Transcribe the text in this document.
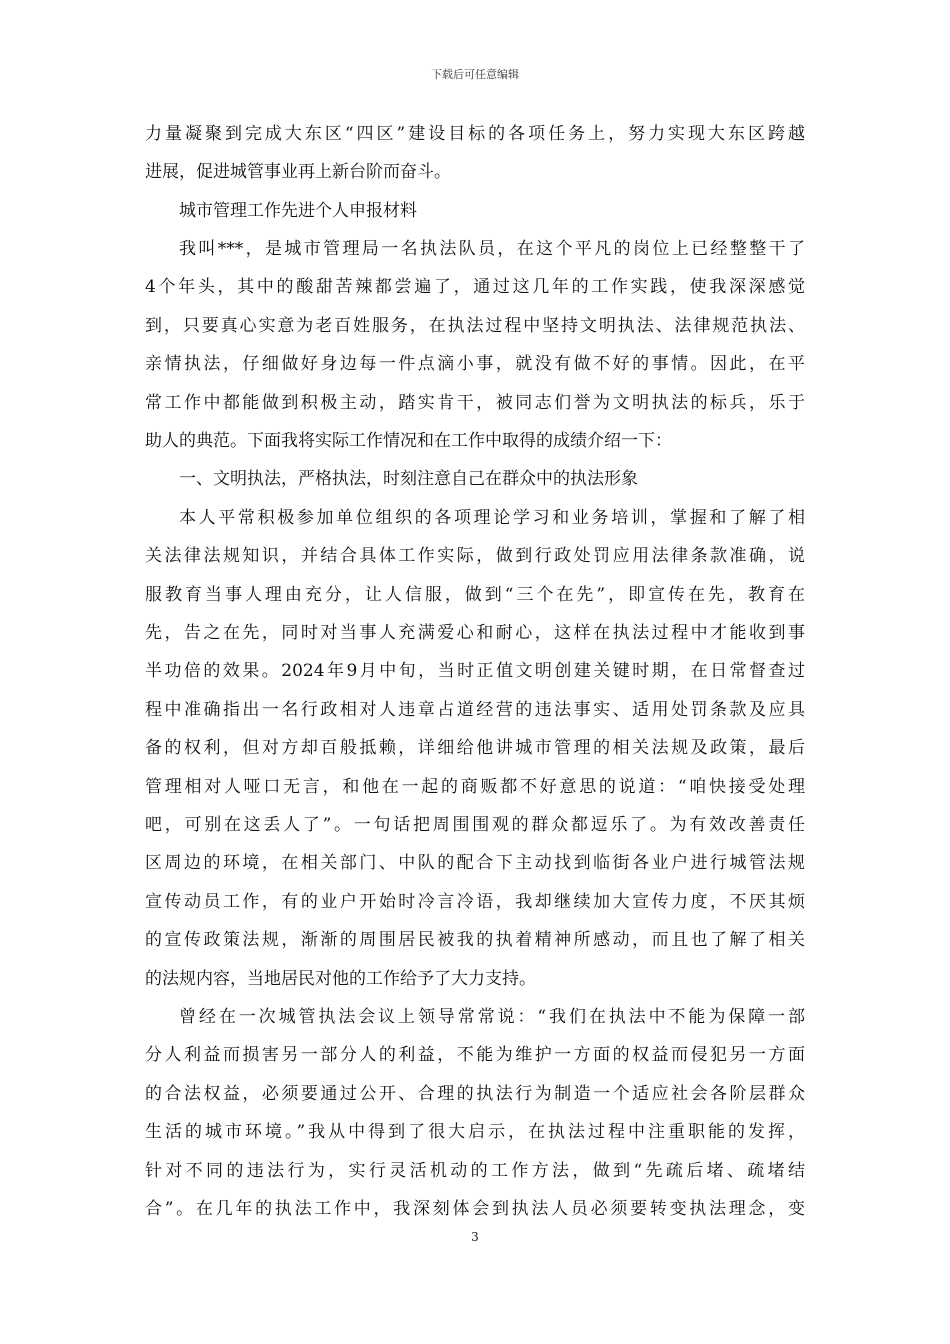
下载后可任意编辑
力量凝聚到完成大东区“四区”建设目标的各项任务上，努力实现大东区跨越
进展，促进城管事业再上新台阶而奋斗。
城市管理工作先进个人申报材料
我叫***，是城市管理局一名执法队员，在这个平凡的岗位上已经整整干了
4个年头，其中的酸甜苦辣都尝遍了，通过这几年的工作实践，使我深深感觉
到，只要真心实意为老百姓服务，在执法过程中坚持文明执法、法律规范执法、
亲情执法，仔细做好身边每一件点滴小事，就没有做不好的事情。因此，在平
常工作中都能做到积极主动，踏实肯干，被同志们誉为文明执法的标兵，乐于
助人的典范。下面我将实际工作情况和在工作中取得的成绩介绍一下：
一、文明执法，严格执法，时刻注意自己在群众中的执法形象
本人平常积极参加单位组织的各项理论学习和业务培训，掌握和了解了相
关法律法规知识，并结合具体工作实际，做到行政处罚应用法律条款准确，说
服教育当事人理由充分，让人信服，做到“三个在先”，即宣传在先，教育在
先，告之在先，同时对当事人充满爱心和耐心，这样在执法过程中才能收到事
半功倍的效果。2024年9月中旬，当时正值文明创建关键时期，在日常督查过
程中准确指出一名行政相对人违章占道经营的违法事实、适用处罚条款及应具
备的权利，但对方却百般抵赖，详细给他讲城市管理的相关法规及政策，最后
管理相对人哑口无言，和他在一起的商贩都不好意思的说道：“咱快接受处理
吧，可别在这丢人了”。一句话把周围围观的群众都逗乐了。为有效改善责任
区周边的环境，在相关部门、中队的配合下主动找到临街各业户进行城管法规
宣传动员工作，有的业户开始时冷言冷语，我却继续加大宣传力度，不厌其烦
的宣传政策法规，渐渐的周围居民被我的执着精神所感动，而且也了解了相关
的法规内容，当地居民对他的工作给予了大力支持。
曾经在一次城管执法会议上领导常常说：“我们在执法中不能为保障一部
分人利益而损害另一部分人的利益，不能为维护一方面的权益而侵犯另一方面
的合法权益，必须要通过公开、合理的执法行为制造一个适应社会各阶层群众
生活的城市环境。”我从中得到了很大启示，在执法过程中注重职能的发挥，
针对不同的违法行为，实行灵活机动的工作方法，做到“先疏后堵、疏堵结
合”。在几年的执法工作中，我深刻体会到执法人员必须要转变执法理念，变
3
